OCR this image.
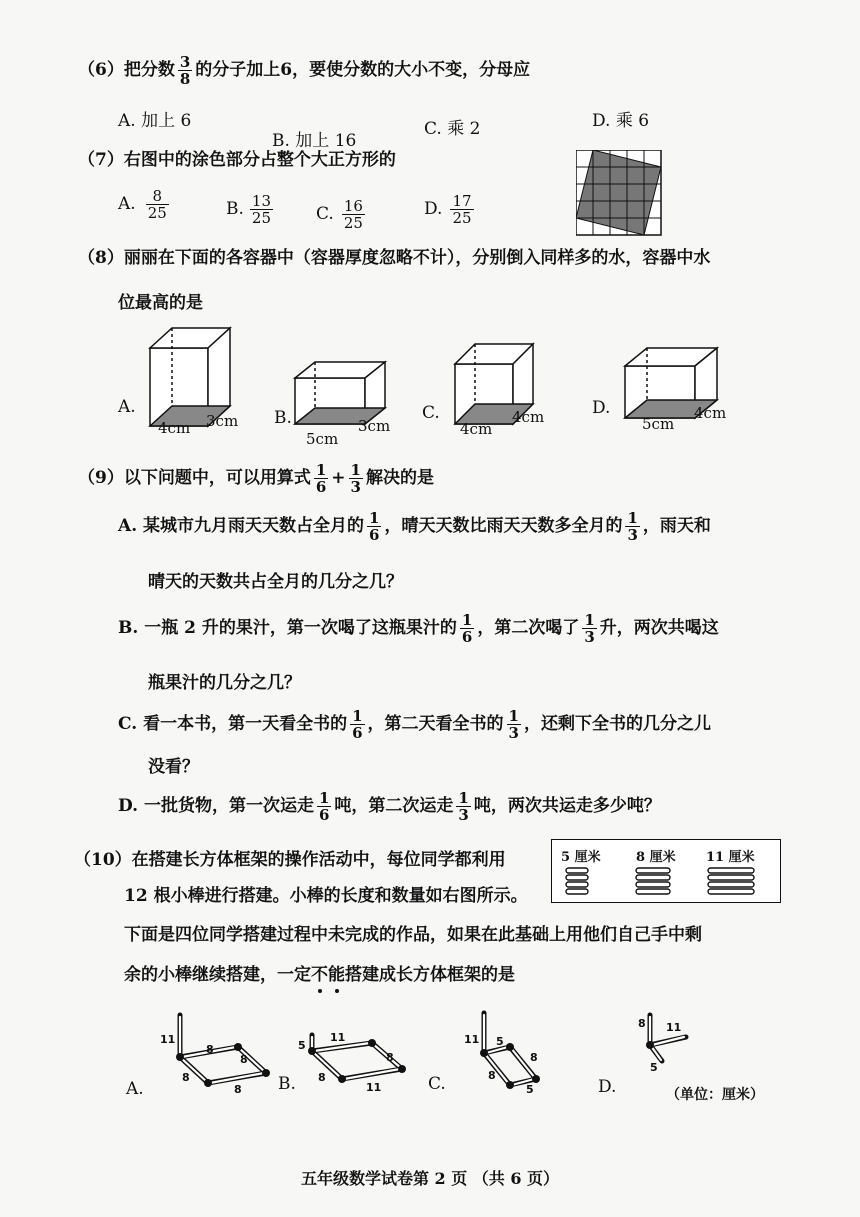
（6）把分数 $\frac{3}{8}$ 的分子加上6，要使分数的大小不变，分母应
A. 加上 6
B. 加上 16
C. 乘 2	D. 乘 6
（7）右图中的涂色部分占整个大正方形的
A. $\frac{8}{25}$	B. $\frac{13}{25}$	C. $\frac{16}{25}$	D. $\frac{17}{25}$
（8）丽丽在下面的各容器中（容器厚度忽略不计），分别倒入同样多的水，容器中水
位最高的是
A.
4cm 3cm B.
5cm
3cm
C.
4cm
4cm	D.
5cm
4cm
（9）以下问题中，可以用算式 $\frac{1}{6} + \frac{1}{3}$ 解决的是
A. 某城市九月雨天天数占全月的 $\frac{1}{6}$ ，晴天天数比雨天天数多全月的 $\frac{1}{3}$ ，雨天和
晴天的天数共占全月的几分之几？
B. 一瓶 2 升的果汁，第一次喝了这瓶果汁的 $\frac{1}{6}$ ，第二次喝了 $\frac{1}{3}$ 升，两次共喝这
瓶果汁的几分之几？
C. 看一本书，第一天看全书的 $\frac{1}{6}$ ，第二天看全书的 $\frac{1}{3}$ ，还剩下全书的几分之儿
没看？
D. 一批货物，第一次运走 $\frac{1}{6}$ 吨，第二次运走 $\frac{1}{3}$ 吨，两次共运走多少吨？
（10）在搭建长方体框架的操作活动中，每位同学都利用
12 根小棒进行搭建。小棒的长度和数量如右图所示。
下面是四位同学搭建过程中未完成的作品，如果在此基础上用他们自己手中剩
余的小棒继续搭建，一定不能
搭建成长方体框架的是
5 厘米	8 厘米 11 厘米
11
8
8
8
8
5
11
8
8
11
11 5
8
8
5
8 11
5
A.	B.	C.	D.	（单位：厘米）
五年级数学试卷第 2 页 （共 6 页）
